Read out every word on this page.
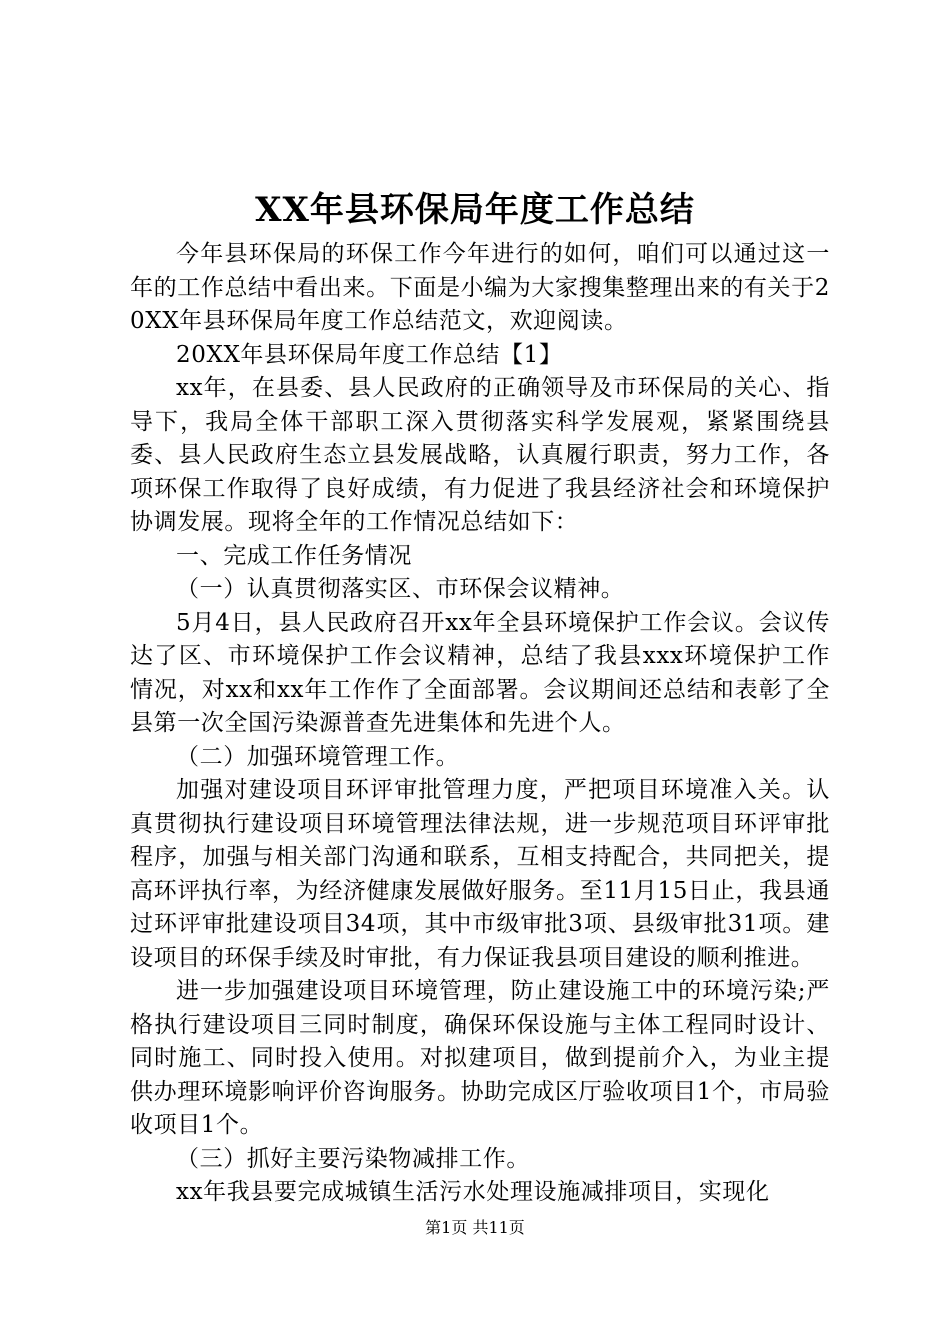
XX年县环保局年度工作总结

今年县环保局的环保工作今年进行的如何，咱们可以通过这一年的工作总结中看出来。下面是小编为大家搜集整理出来的有关于20XX年县环保局年度工作总结范文，欢迎阅读。

20XX年县环保局年度工作总结【1】

xx年，在县委、县人民政府的正确领导及市环保局的关心、指导下，我局全体干部职工深入贯彻落实科学发展观，紧紧围绕县委、县人民政府生态立县发展战略，认真履行职责，努力工作，各项环保工作取得了良好成绩，有力促进了我县经济社会和环境保护协调发展。现将全年的工作情况总结如下：

一、完成工作任务情况

（一）认真贯彻落实区、市环保会议精神。

5月4日，县人民政府召开xx年全县环境保护工作会议。会议传达了区、市环境保护工作会议精神，总结了我县xxx环境保护工作情况，对xx和xx年工作作了全面部署。会议期间还总结和表彰了全县第一次全国污染源普查先进集体和先进个人。

（二）加强环境管理工作。

加强对建设项目环评审批管理力度，严把项目环境准入关。认真贯彻执行建设项目环境管理法律法规，进一步规范项目环评审批程序，加强与相关部门沟通和联系，互相支持配合，共同把关，提高环评执行率，为经济健康发展做好服务。至11月15日止，我县通过环评审批建设项目34项，其中市级审批3项、县级审批31项。建设项目的环保手续及时审批，有力保证我县项目建设的顺利推进。

进一步加强建设项目环境管理，防止建设施工中的环境污染;严格执行建设项目三同时制度，确保环保设施与主体工程同时设计、同时施工、同时投入使用。对拟建项目，做到提前介入，为业主提供办理环境影响评价咨询服务。协助完成区厅验收项目1个，市局验收项目1个。

（三）抓好主要污染物减排工作。

xx年我县要完成城镇生活污水处理设施减排项目，实现化

第1页 共11页
